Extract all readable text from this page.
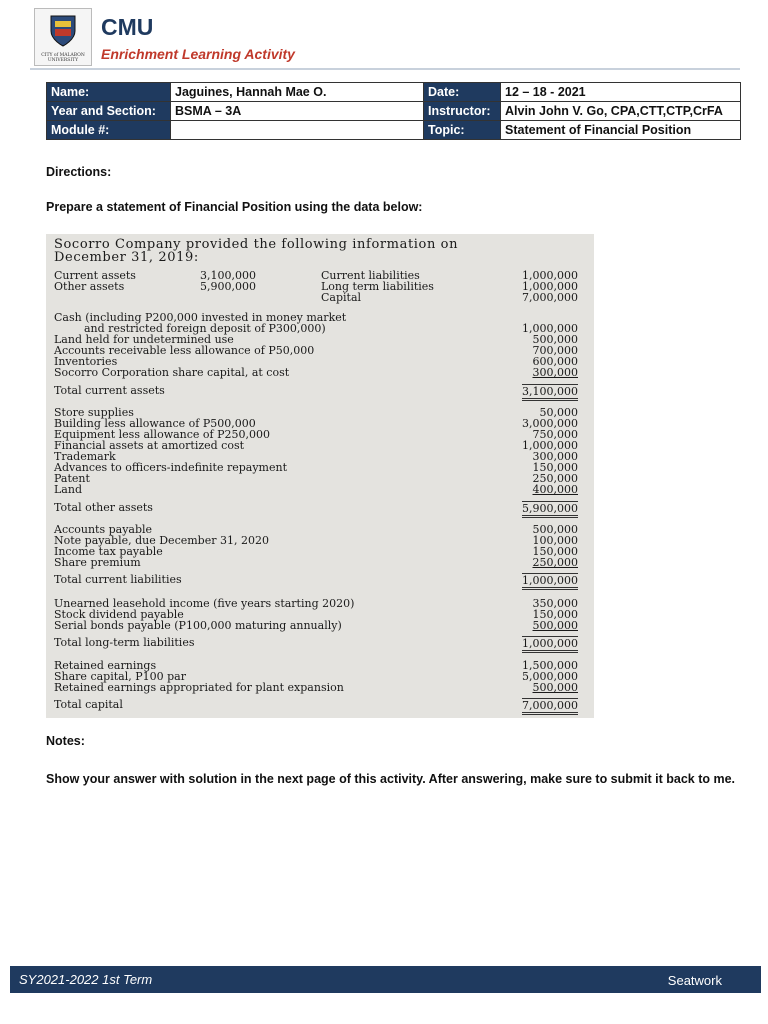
CITY of MALABON UNIVERSITY
CMU
Enrichment Learning Activity
Name:	Jaguines, Hannah Mae O.	Date:	12 – 18 - 2021
Year and Section:	BSMA – 3A	Instructor:	Alvin John V. Go, CPA,CTT,CTP,CrFA
Module #:		Topic:	Statement of Financial Position
Directions:
Prepare a statement of Financial Position using the data below:
Socorro Company provided the following information on
December 31, 2019:
Current assets	3,100,000
Other assets	5,900,000
Current liabilities	1,000,000
Long term liabilities	1,000,000
Capital	7,000,000
Cash (including P200,000 invested in money market
and restricted foreign deposit of P300,000)	1,000,000
Land held for undetermined use	500,000
Accounts receivable less allowance of P50,000	700,000
Inventories	600,000
Socorro Corporation share capital, at cost	300,000
Total current assets	3,100,000
Store supplies	50,000
Building less allowance of P500,000	3,000,000
Equipment less allowance of P250,000	750,000
Financial assets at amortized cost	1,000,000
Trademark	300,000
Advances to officers-indefinite repayment	150,000
Patent	250,000
Land	400,000
Total other assets	5,900,000
Accounts payable	500,000
Note payable, due December 31, 2020	100,000
Income tax payable	150,000
Share premium	250,000
Total current liabilities	1,000,000
Unearned leasehold income (five years starting 2020)	350,000
Stock dividend payable	150,000
Serial bonds payable (P100,000 maturing annually)	500,000
Total long-term liabilities	1,000,000
Retained earnings	1,500,000
Share capital, P100 par	5,000,000
Retained earnings appropriated for plant expansion	500,000
Total capital	7,000,000
Notes:
Show your answer with solution in the next page of this activity. After answering, make sure to submit it back to me.
SY2021-2022 1st Term	Seatwork
